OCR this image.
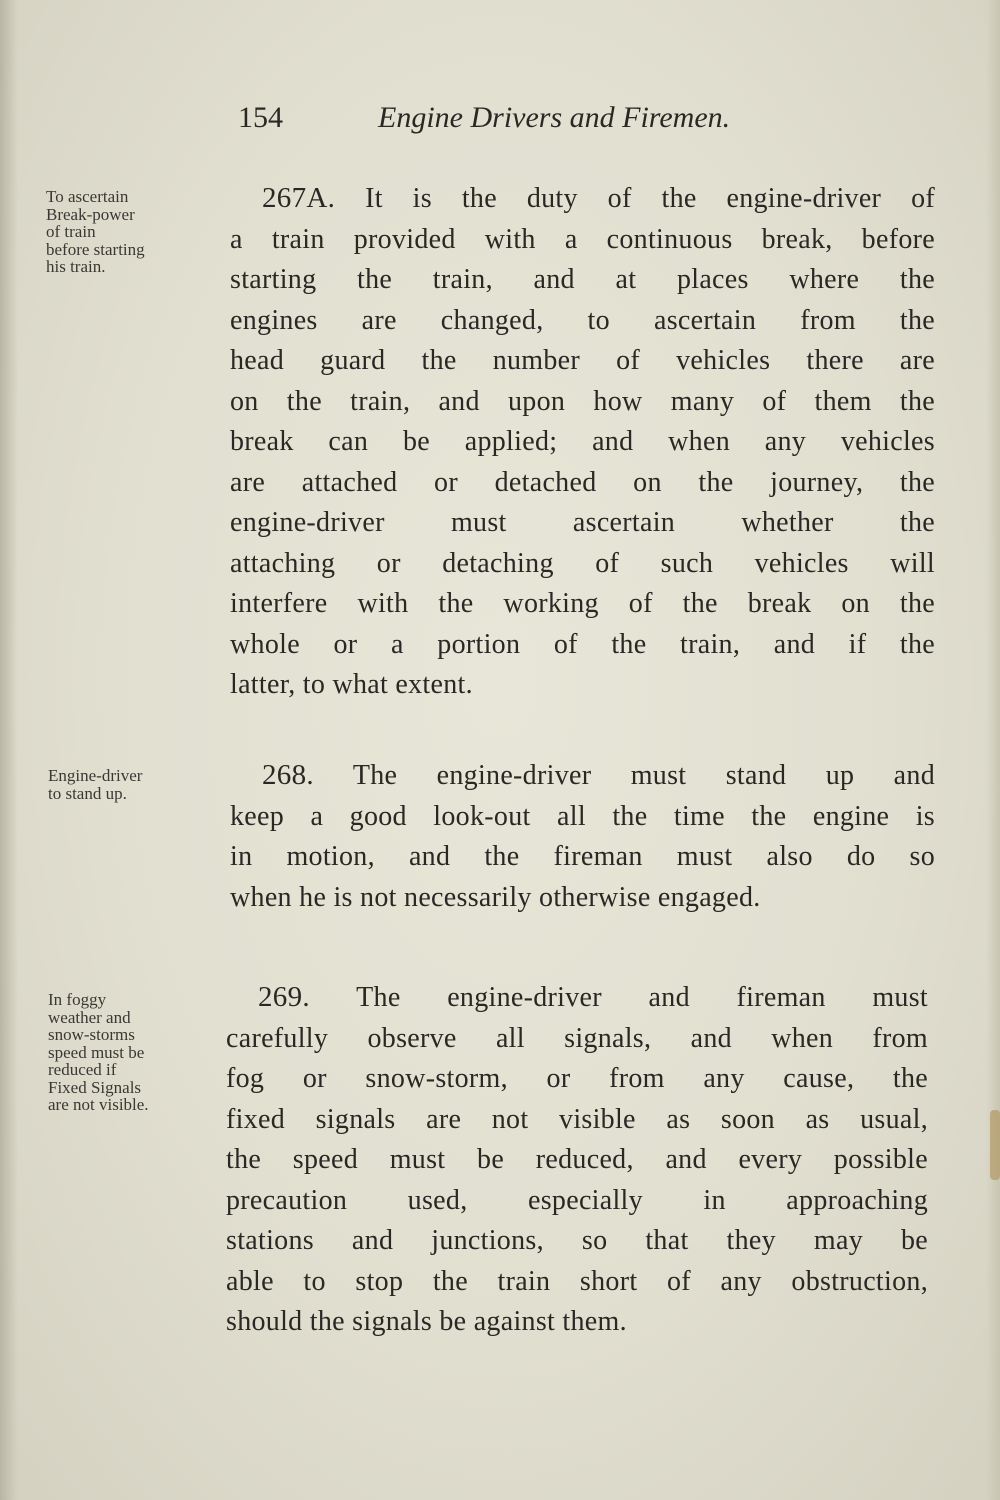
154	Engine Drivers and Firemen.
To ascertain
Break-power
of train
before starting
his train.
267A. It is the duty of the engine-driver of
a train provided with a continuous break, before
starting the train, and at places where the
engines are changed, to ascertain from the
head guard the number of vehicles there are
on the train, and upon how many of them the
break can be applied; and when any vehicles
are attached or detached on the journey, the
engine-driver must ascertain whether the
attaching or detaching of such vehicles will
interfere with the working of the break on the
whole or a portion of the train, and if the
latter, to what extent.
Engine-driver
to stand up.
268. The engine-driver must stand up and
keep a good look-out all the time the engine is
in motion, and the fireman must also do so
when he is not necessarily otherwise engaged.
In foggy
weather and
snow-storms
speed must be
reduced if
Fixed Signals
are not visible.
269. The engine-driver and fireman must
carefully observe all signals, and when from
fog or snow-storm, or from any cause, the
fixed signals are not visible as soon as usual,
the speed must be reduced, and every possible
precaution used, especially in approaching
stations and junctions, so that they may be
able to stop the train short of any obstruction,
should the signals be against them.
